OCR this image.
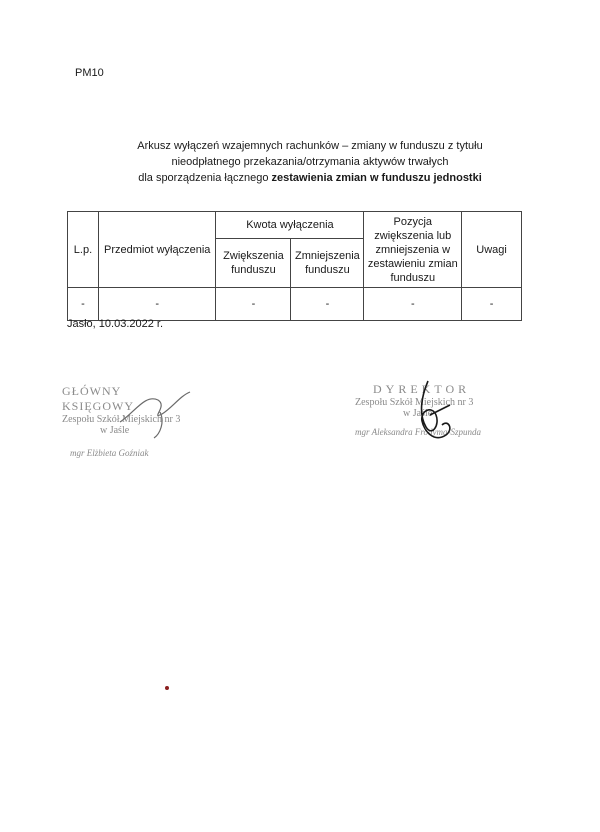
PM10
Arkusz wyłączeń wzajemnych rachunków – zmiany w funduszu z tytułu
nieodpłatnego przekazania/otrzymania aktywów trwałych
dla sporządzenia łącznego zestawienia zmian w funduszu jednostki
L.p.	Przedmiot wyłączenia	Kwota wyłączenia		Pozycja zwiększenia lub zmniejszenia w zestawieniu zmian funduszu	Uwagi
		Zwiększenia funduszu	Zmniejszenia funduszu		
-	-	-	-	-	-
Jasło, 10.03.2022 r.
GŁÓWNY KSIĘGOWY
Zespołu Szkół Miejskich nr 3
w Jaśle
mgr Elżbieta Goźniak
DYREKTOR
Zespołu Szkół Miejskich nr 3
w Jaśle
mgr Aleksandra Frodyma-Szpunda
